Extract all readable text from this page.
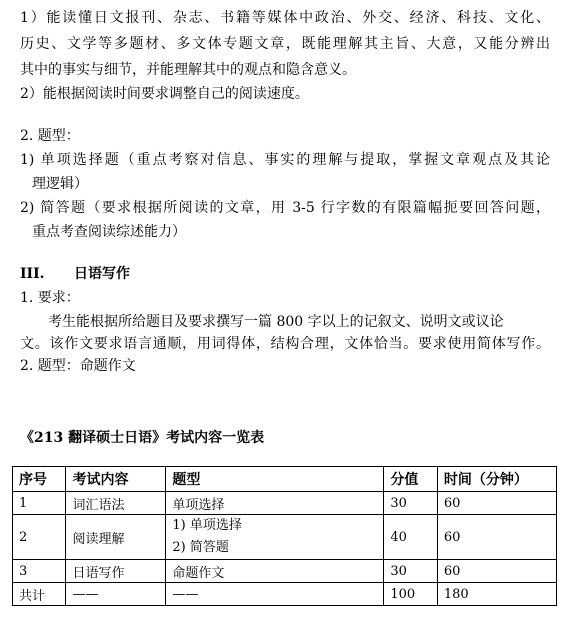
1）能读懂日文报刊、杂志、书籍等媒体中政治、外交、经济、科技、文化、
历史、文学等多题材、多文体专题文章，既能理解其主旨、大意，又能分辨出
其中的事实与细节，并能理解其中的观点和隐含意义。
2）能根据阅读时间要求调整自己的阅读速度。
2. 题型：
1) 单项选择题（重点考察对信息、事实的理解与提取，掌握文章观点及其论
理逻辑）
2) 简答题（要求根据所阅读的文章，用 3-5 行字数的有限篇幅扼要回答问题，
重点考查阅读综述能力）
III. 日语写作
1. 要求：
考生能根据所给题目及要求撰写一篇 800 字以上的记叙文、说明文或议论
文。该作文要求语言通顺，用词得体，结构合理，文体恰当。要求使用简体写作。
2. 题型：命题作文
《213 翻译硕士日语》考试内容一览表
序号	考试内容	题型	分值	时间（分钟）
1	词汇语法	单项选择	30	60
2	阅读理解	1) 单项选择
2) 简答题	40	60
3	日语写作	命题作文	30	60
共计	——	——	100	180
